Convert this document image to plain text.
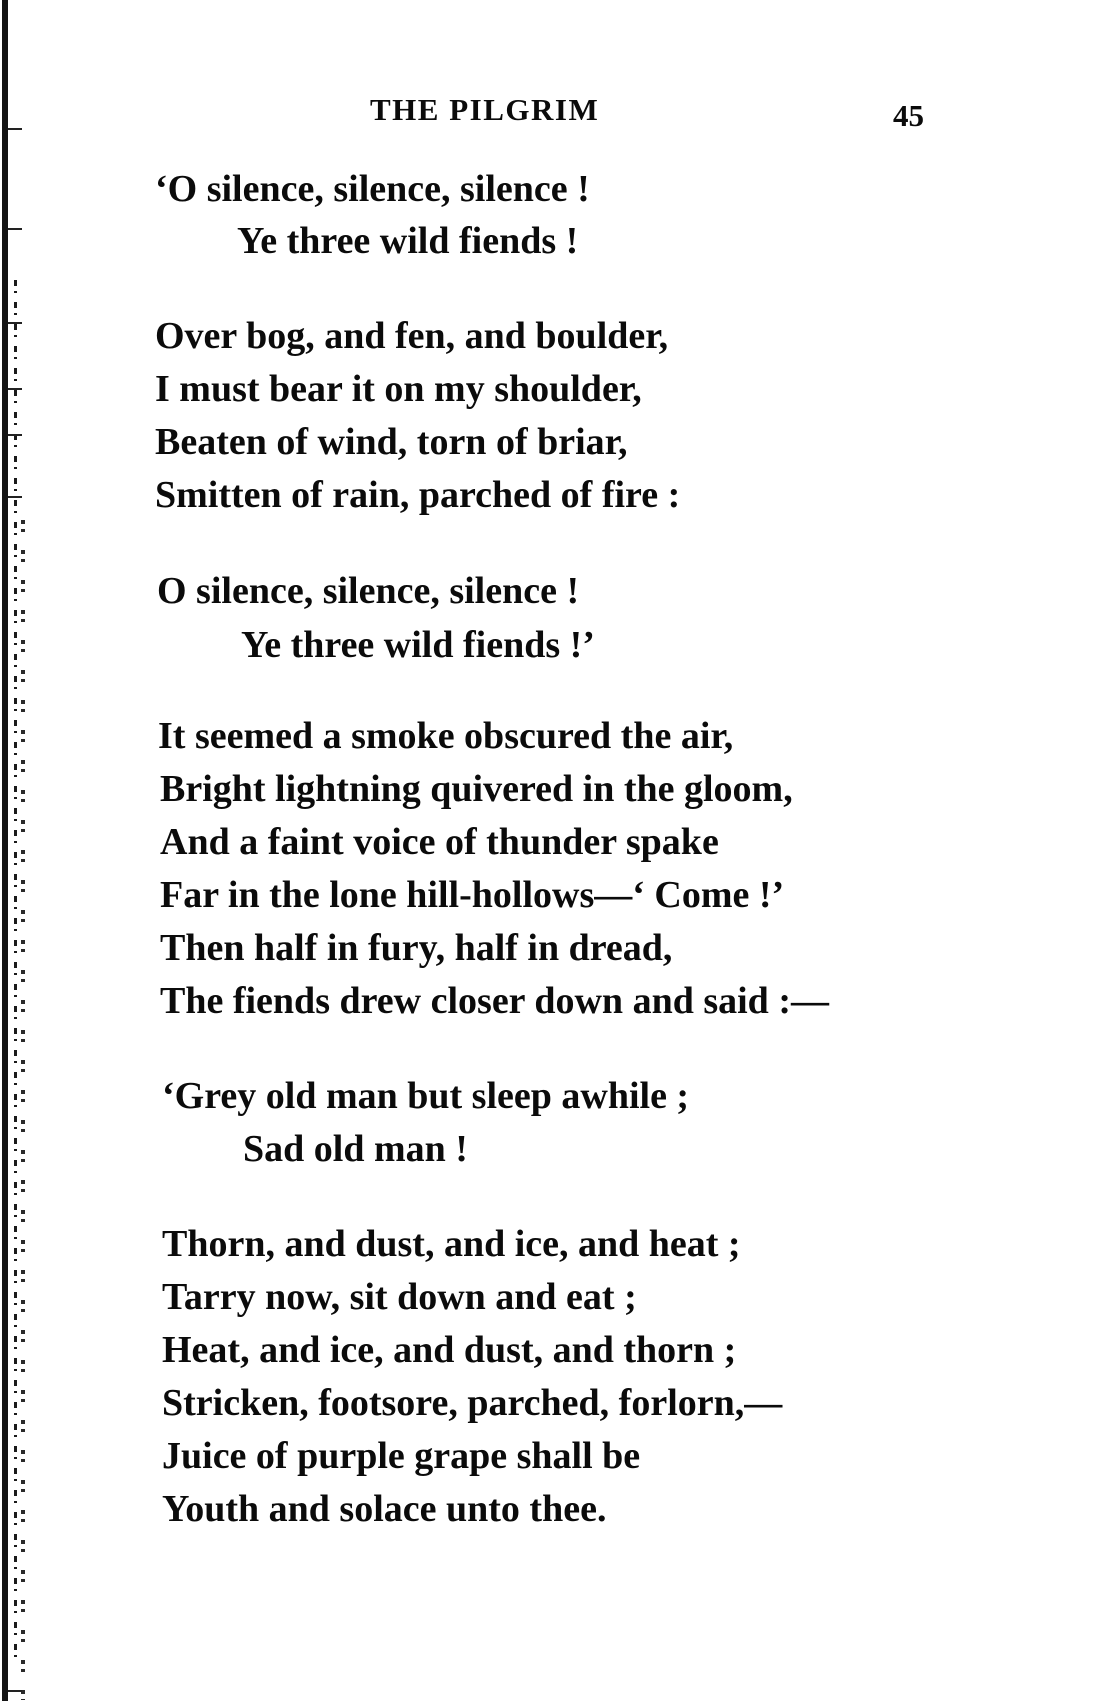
THE PILGRIM	45
‘O silence, silence, silence !
Ye three wild fiends !
Over bog, and fen, and boulder,
I must bear it on my shoulder,
Beaten of wind, torn of briar,
Smitten of rain, parched of fire :
O silence, silence, silence !
Ye three wild fiends !’
It seemed a smoke obscured the air,
Bright lightning quivered in the gloom,
And a faint voice of thunder spake
Far in the lone hill-hollows—‘ Come !’
Then half in fury, half in dread,
The fiends drew closer down and said :—
‘Grey old man but sleep awhile ;
Sad old man !
Thorn, and dust, and ice, and heat ;
Tarry now, sit down and eat ;
Heat, and ice, and dust, and thorn ;
Stricken, footsore, parched, forlorn,—
Juice of purple grape shall be
Youth and solace unto thee.
